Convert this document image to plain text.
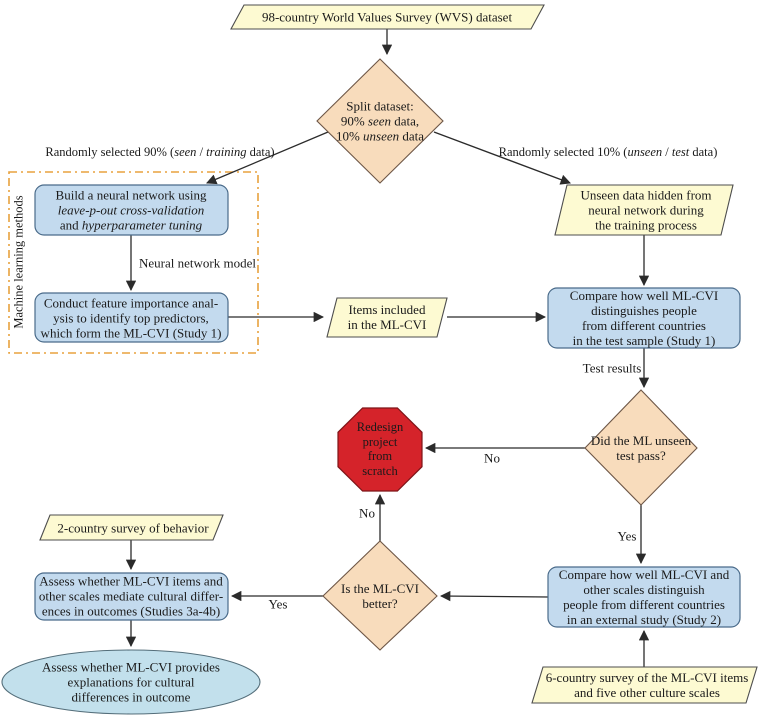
98-country World Values Survey (WVS) dataset
Split dataset:
90% seen data,
10% unseen data
Randomly selected 90% (seen / training data)	Randomly selected 10% (unseen / test data)
Machine learning methods
Build a neural network using
leave-p-out cross-validation
and hyperparameter tuning
Neural network model
Conduct feature importance anal-
ysis to identify top predictors,
which form the ML-CVI (Study 1)
Items included
in the ML-CVI
Unseen data hidden from
neural network during
the training process
Compare how well ML-CVI
distinguishes people
from different countries
in the test sample (Study 1)
Test results
Did the ML unseen
test pass?
Redesign
project
from
scratch
No
No
Yes
Compare how well ML-CVI and
other scales distinguish
people from different countries
in an external study (Study 2)
6-country survey of the ML-CVI items
and five other culture scales
Is the ML-CVI
better?
Yes
Assess whether ML-CVI items and
other scales mediate cultural differ-
ences in outcomes (Studies 3a-4b)
2-country survey of behavior
Assess whether ML-CVI provides
explanations for cultural
differences in outcome
